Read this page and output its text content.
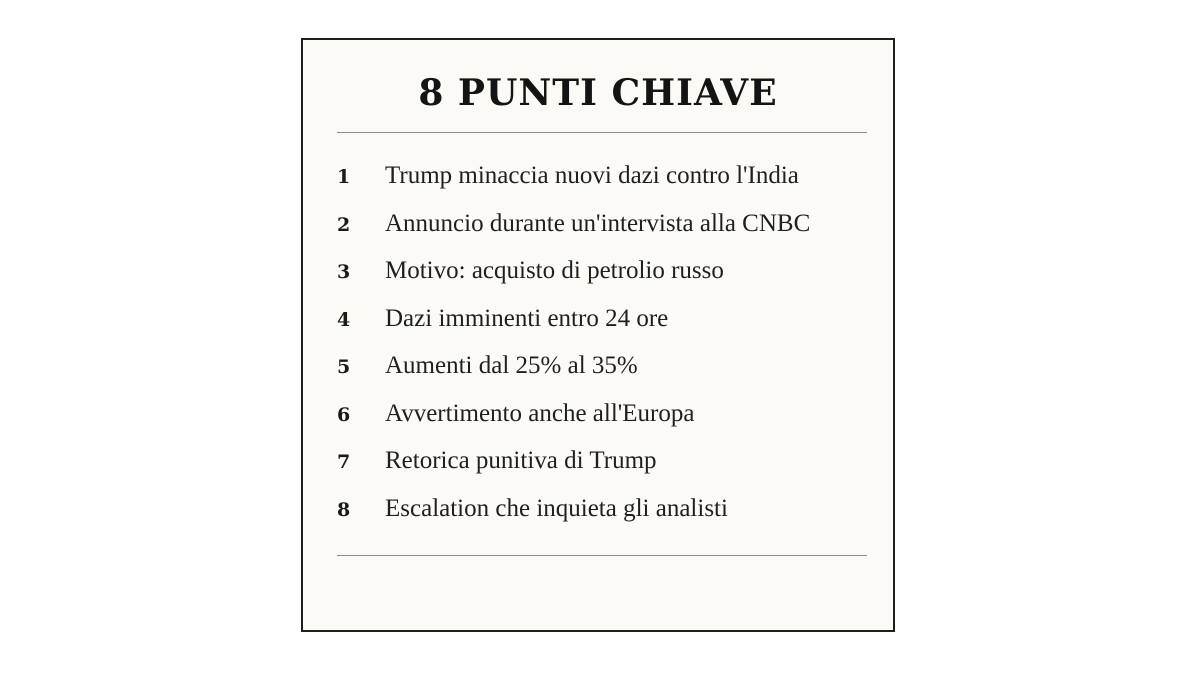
8 PUNTI CHIAVE
1	Trump minaccia nuovi dazi contro l'India
2	Annuncio durante un'intervista alla CNBC
3	Motivo: acquisto di petrolio russo
4	Dazi imminenti entro 24 ore
5	Aumenti dal 25% al 35%
6	Avvertimento anche all'Europa
7	Retorica punitiva di Trump
8	Escalation che inquieta gli analisti
